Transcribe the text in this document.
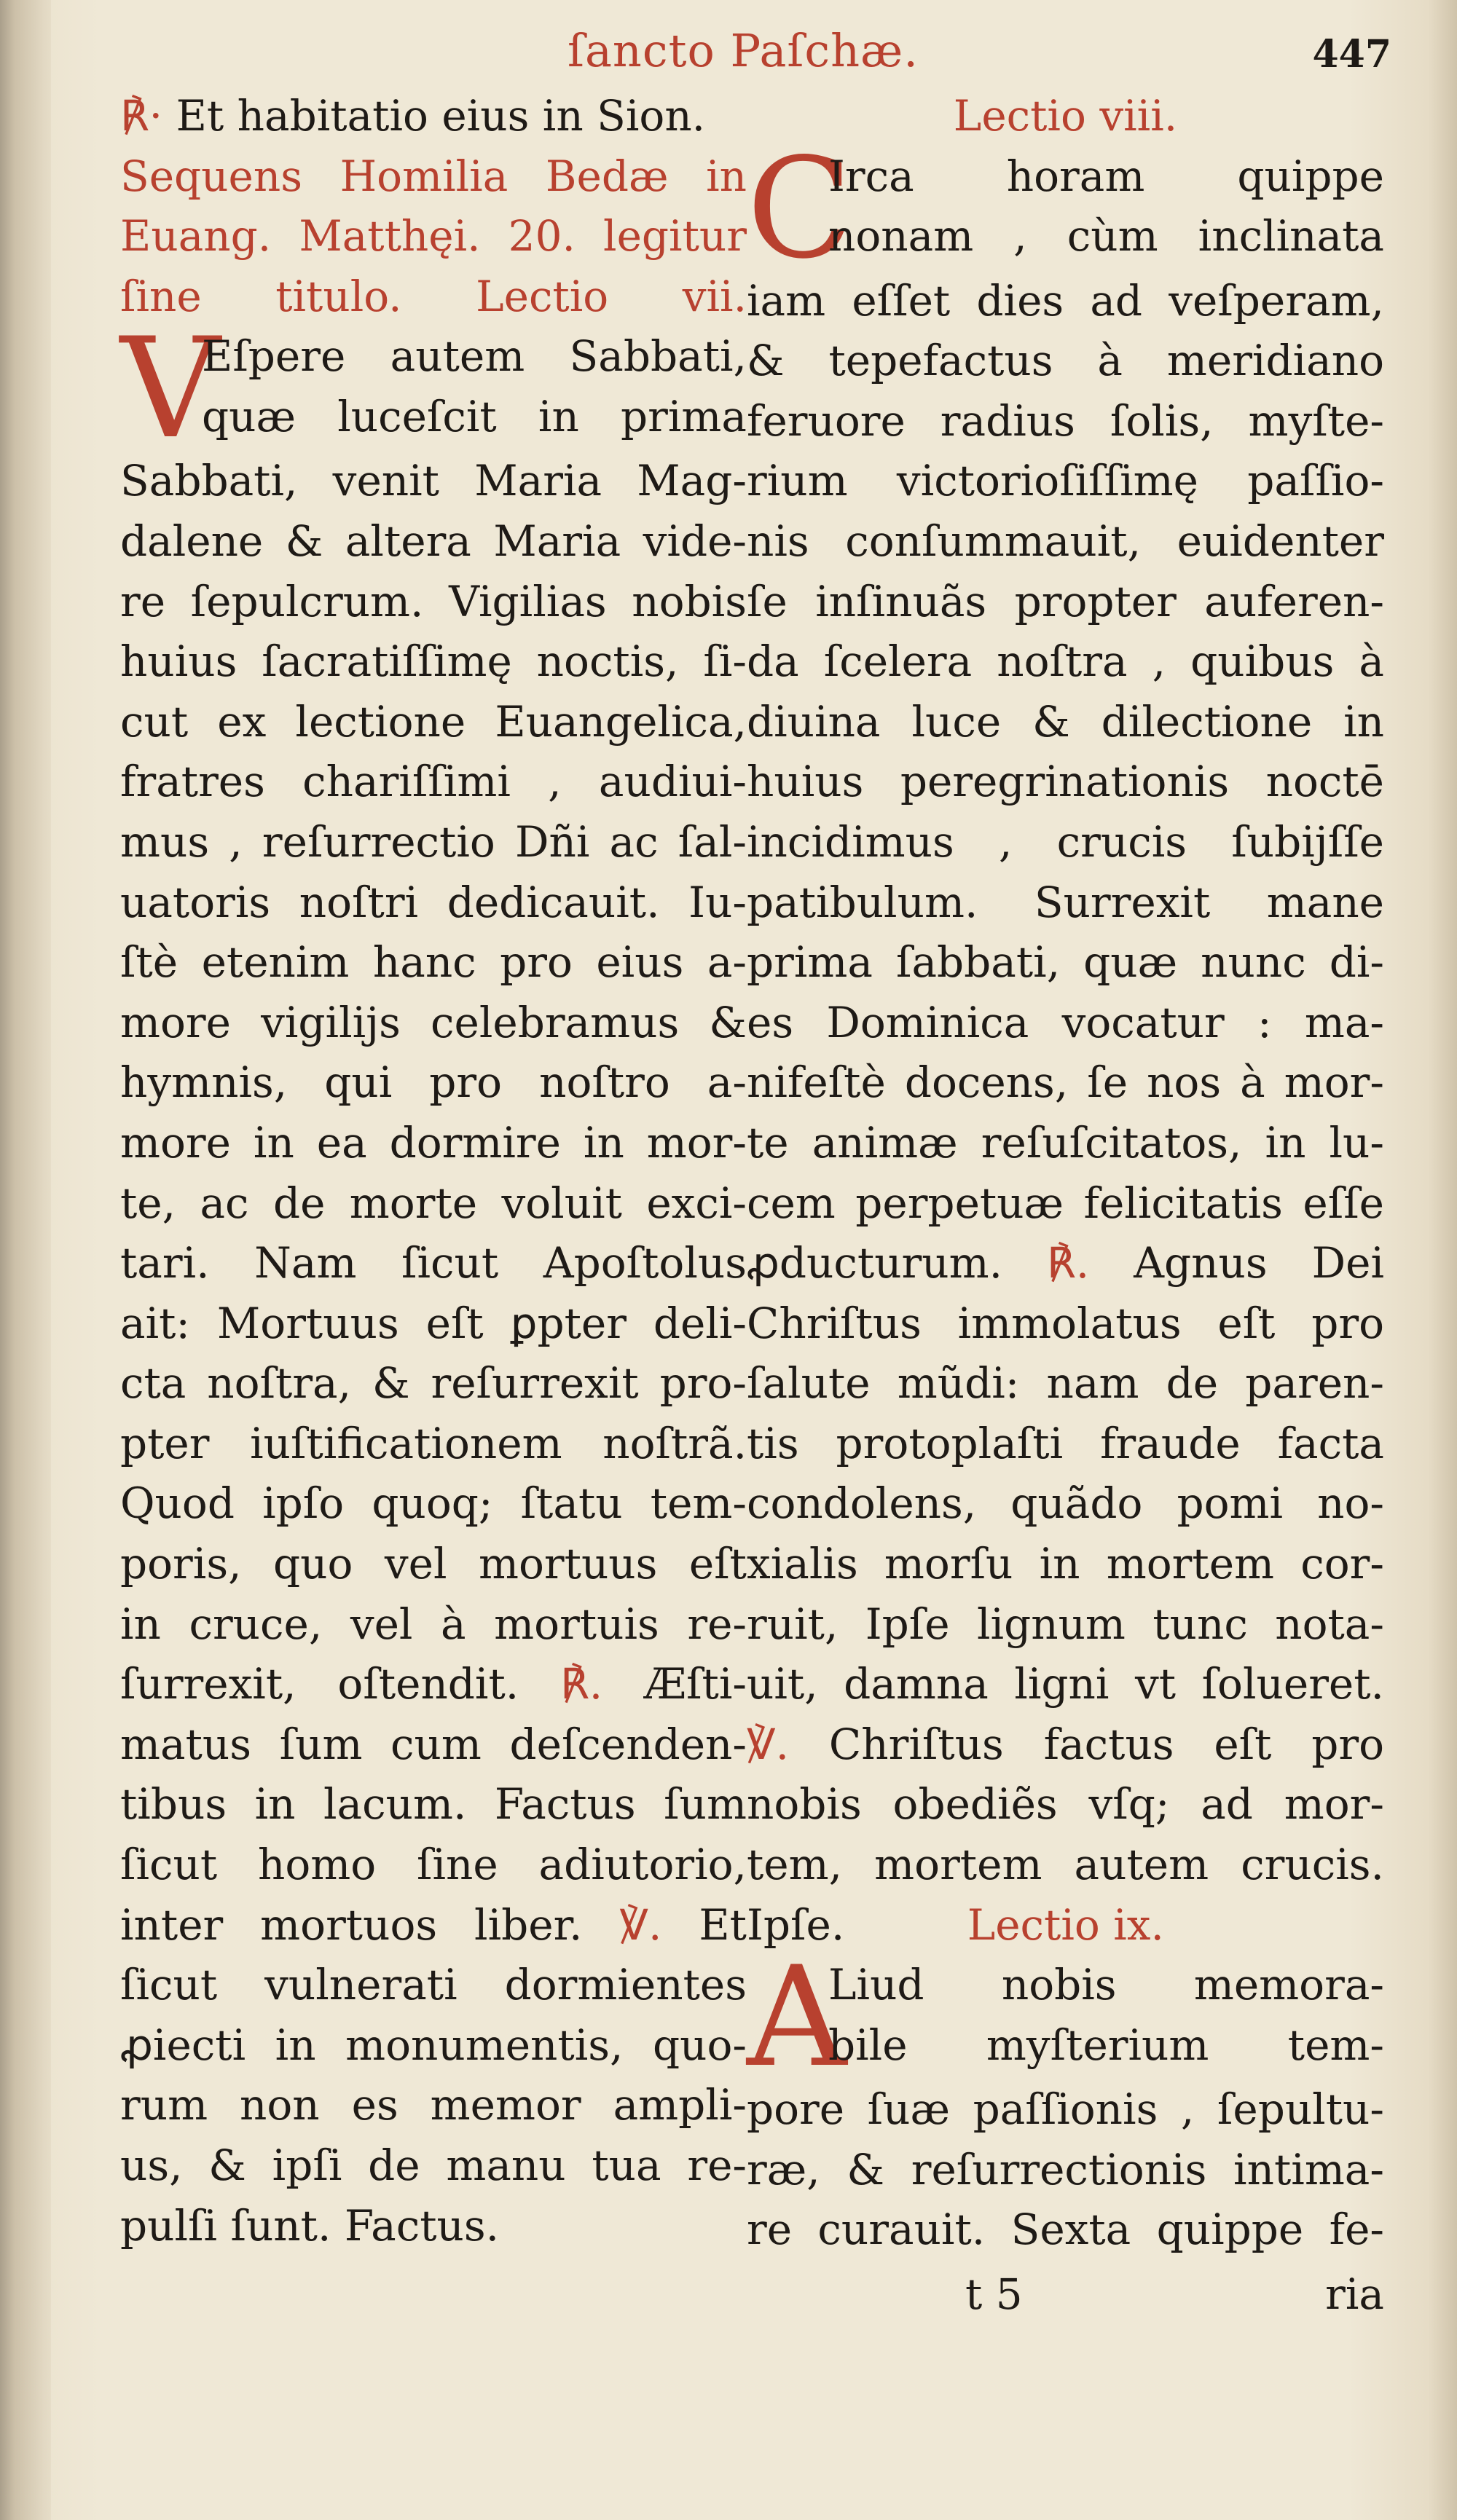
ſancto Paſchæ.	447
℟· Et habitatio eius in Sion.
Sequens Homilia Bedæ in
Euang. Matthęi. 20. legitur
ſine titulo. Lectio vii.
V
Eſpere autem Sabbati,
quæ luceſcit in prima
Sabbati, venit Maria Mag-
dalene & altera Maria vide-
re ſepulcrum. Vigilias nobis
huius ſacratiſſimę noctis, ſi-
cut ex lectione Euangelica,
fratres chariſſimi , audiui-
mus , reſurrectio Dñi ac ſal-
uatoris noſtri dedicauit. Iu-
ſtè etenim hanc pro eius a-
more vigilijs celebramus &
hymnis, qui pro noſtro a-
more in ea dormire in mor-
te, ac de morte voluit exci-
tari. Nam ſicut Apoſtolus
ait: Mortuus eſt ꝑpter deli-
cta noſtra, & reſurrexit pro-
pter iuſtificationem noſtrã.
Quod ipſo quoq; ſtatu tem-
poris, quo vel mortuus eſt
in cruce, vel à mortuis re-
ſurrexit, oſtendit. ℟. Æſti-
matus ſum cum deſcenden-
tibus in lacum. Factus ſum
ſicut homo ſine adiutorio,
inter mortuos liber. ℣. Et
ſicut vulnerati dormientes
ꝓiecti in monumentis, quo-
rum non es memor ampli-
us, & ipſi de manu tua re-
pulſi ſunt. Factus.
Lectio viii.
C
Irca horam quippe
nonam , cùm inclinata
iam eſſet dies ad veſperam,
& tepefactus à meridiano
feruore radius ſolis, myſte-
rium victorioſiſſimę paſſio-
nis conſummauit, euidenter
ſe inſinuãs propter auferen-
da ſcelera noſtra , quibus à
diuina luce & dilectione in
huius peregrinationis noctē
incidimus , crucis ſubijſſe
patibulum. Surrexit mane
prima ſabbati, quæ nunc di-
es Dominica vocatur : ma-
nifeſtè docens, ſe nos à mor-
te animæ reſuſcitatos, in lu-
cem perpetuæ felicitatis eſſe
ꝓducturum. ℟. Agnus Dei
Chriſtus immolatus eſt pro
ſalute mũdi: nam de paren-
tis protoplaſti fraude facta
condolens, quãdo pomi no-
xialis morſu in mortem cor-
ruit, Ipſe lignum tunc nota-
uit, damna ligni vt ſolueret.
℣. Chriſtus factus eſt pro
nobis obediẽs vſq; ad mor-
tem, mortem autem crucis.
Ipſe.	Lectio ix.
A
Liud nobis memora-
bile myſterium tem-
pore ſuæ paſſionis , ſepultu-
ræ, & reſurrectionis intima-
re curauit. Sexta quippe fe-
t 5	ria
